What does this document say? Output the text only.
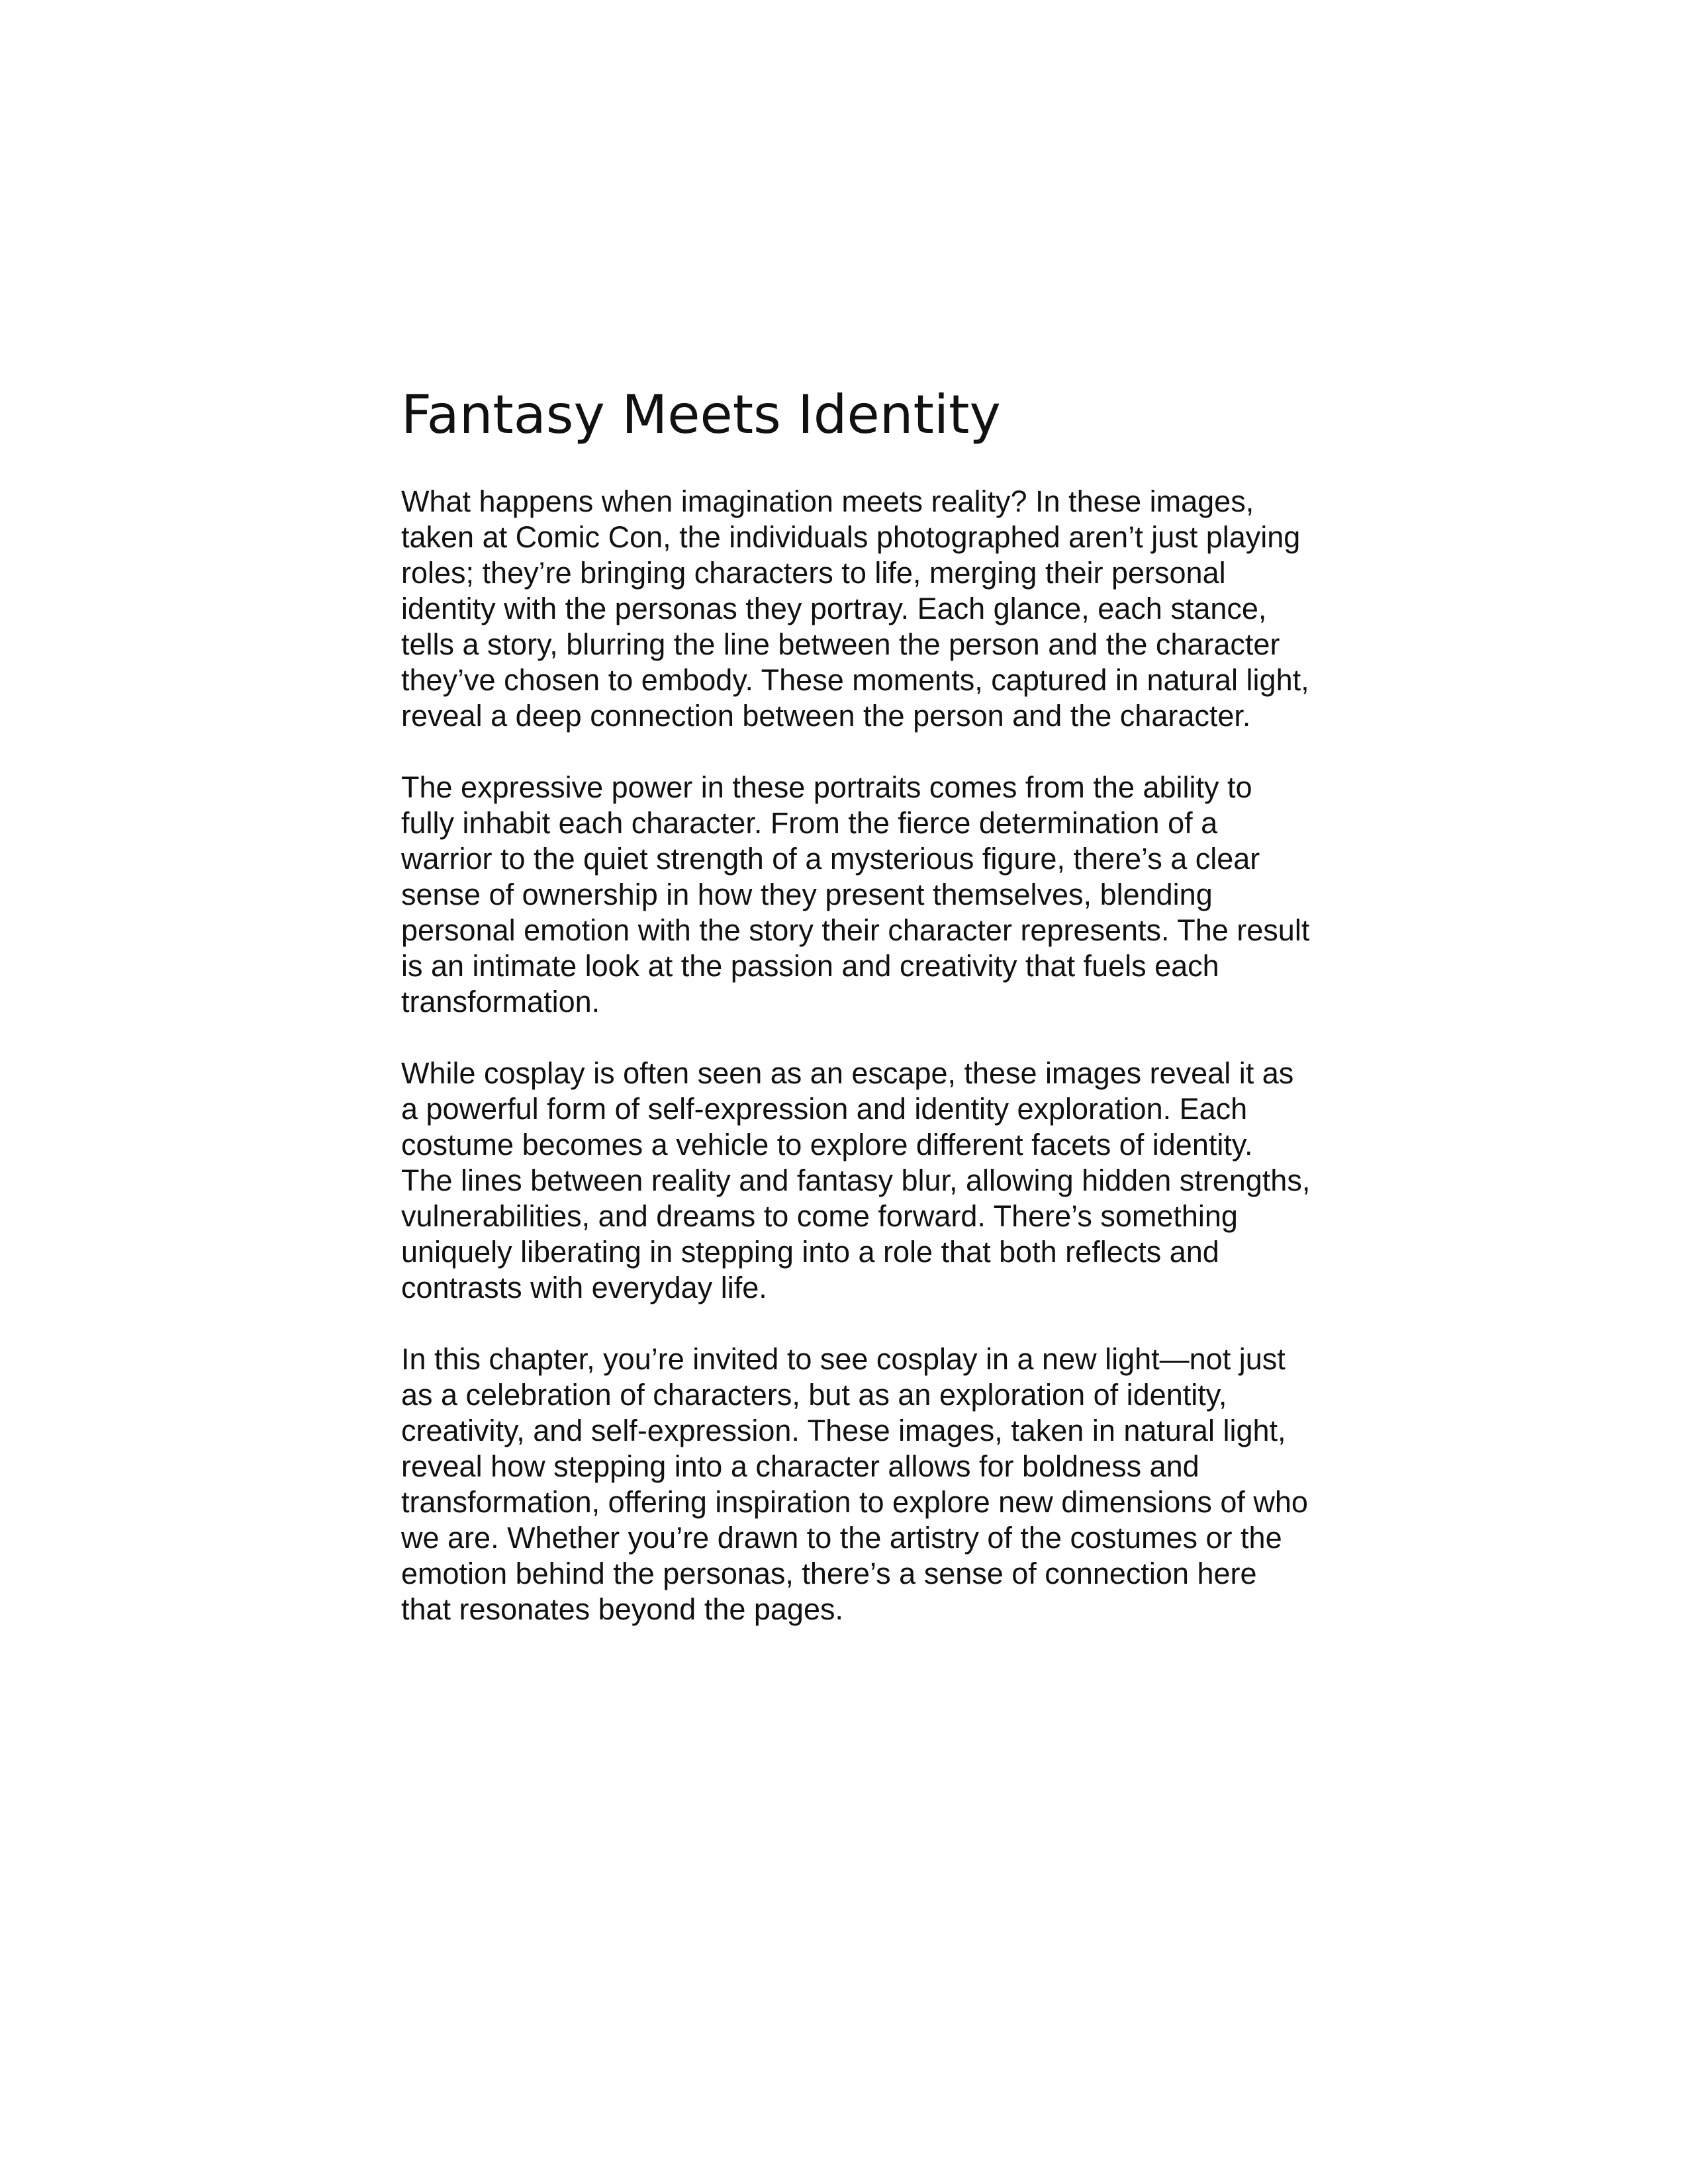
Fantasy Meets Identity

What happens when imagination meets reality? In these images,
taken at Comic Con, the individuals photographed aren’t just playing
roles; they’re bringing characters to life, merging their personal
identity with the personas they portray. Each glance, each stance,
tells a story, blurring the line between the person and the character
they’ve chosen to embody. These moments, captured in natural light,
reveal a deep connection between the person and the character.

The expressive power in these portraits comes from the ability to
fully inhabit each character. From the fierce determination of a
warrior to the quiet strength of a mysterious figure, there’s a clear
sense of ownership in how they present themselves, blending
personal emotion with the story their character represents. The result
is an intimate look at the passion and creativity that fuels each
transformation.

While cosplay is often seen as an escape, these images reveal it as
a powerful form of self-expression and identity exploration. Each
costume becomes a vehicle to explore different facets of identity.
The lines between reality and fantasy blur, allowing hidden strengths,
vulnerabilities, and dreams to come forward. There’s something
uniquely liberating in stepping into a role that both reflects and
contrasts with everyday life.

In this chapter, you’re invited to see cosplay in a new light—not just
as a celebration of characters, but as an exploration of identity,
creativity, and self-expression. These images, taken in natural light,
reveal how stepping into a character allows for boldness and
transformation, offering inspiration to explore new dimensions of who
we are. Whether you’re drawn to the artistry of the costumes or the
emotion behind the personas, there’s a sense of connection here
that resonates beyond the pages.
